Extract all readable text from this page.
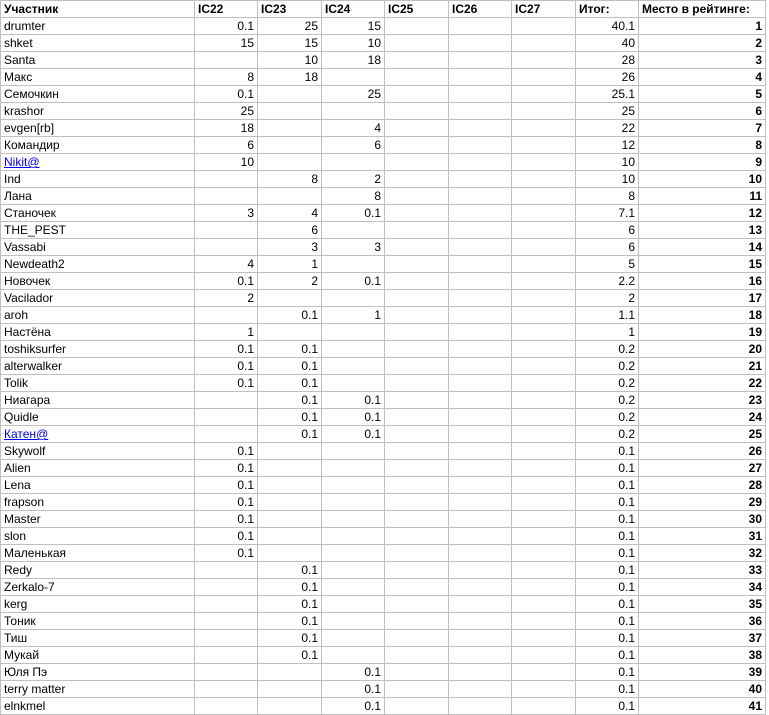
Участник	IC22	IC23	IC24	IC25	IC26	IC27	Итог:	Место в рейтинге:
drumter	0.1	25	15				40.1	1
shket	15	15	10				40	2
Santa		10	18				28	3
Макс	8	18					26	4
Семочкин	0.1		25				25.1	5
krashor	25						25	6
evgen[rb]	18		4				22	7
Командир	6		6				12	8
Nikit@	10						10	9
Ind		8	2				10	10
Лана			8				8	11
Станочек	3	4	0.1				7.1	12
THE_PEST		6					6	13
Vassabi		3	3				6	14
Newdeath2	4	1					5	15
Новочек	0.1	2	0.1				2.2	16
Vacilador	2						2	17
aroh		0.1	1				1.1	18
Настёна	1						1	19
toshiksurfer	0.1	0.1					0.2	20
alterwalker	0.1	0.1					0.2	21
Tolik	0.1	0.1					0.2	22
Ниагара		0.1	0.1				0.2	23
Quidle		0.1	0.1				0.2	24
Катен@		0.1	0.1				0.2	25
Skywolf	0.1						0.1	26
Alien	0.1						0.1	27
Lena	0.1						0.1	28
frapson	0.1						0.1	29
Master	0.1						0.1	30
slon	0.1						0.1	31
Маленькая	0.1						0.1	32
Redy		0.1					0.1	33
Zerkalo-7		0.1					0.1	34
kerg		0.1					0.1	35
Тоник		0.1					0.1	36
Тиш		0.1					0.1	37
Мукай		0.1					0.1	38
Юля Пэ			0.1				0.1	39
terry matter			0.1				0.1	40
elnkmel			0.1				0.1	41
